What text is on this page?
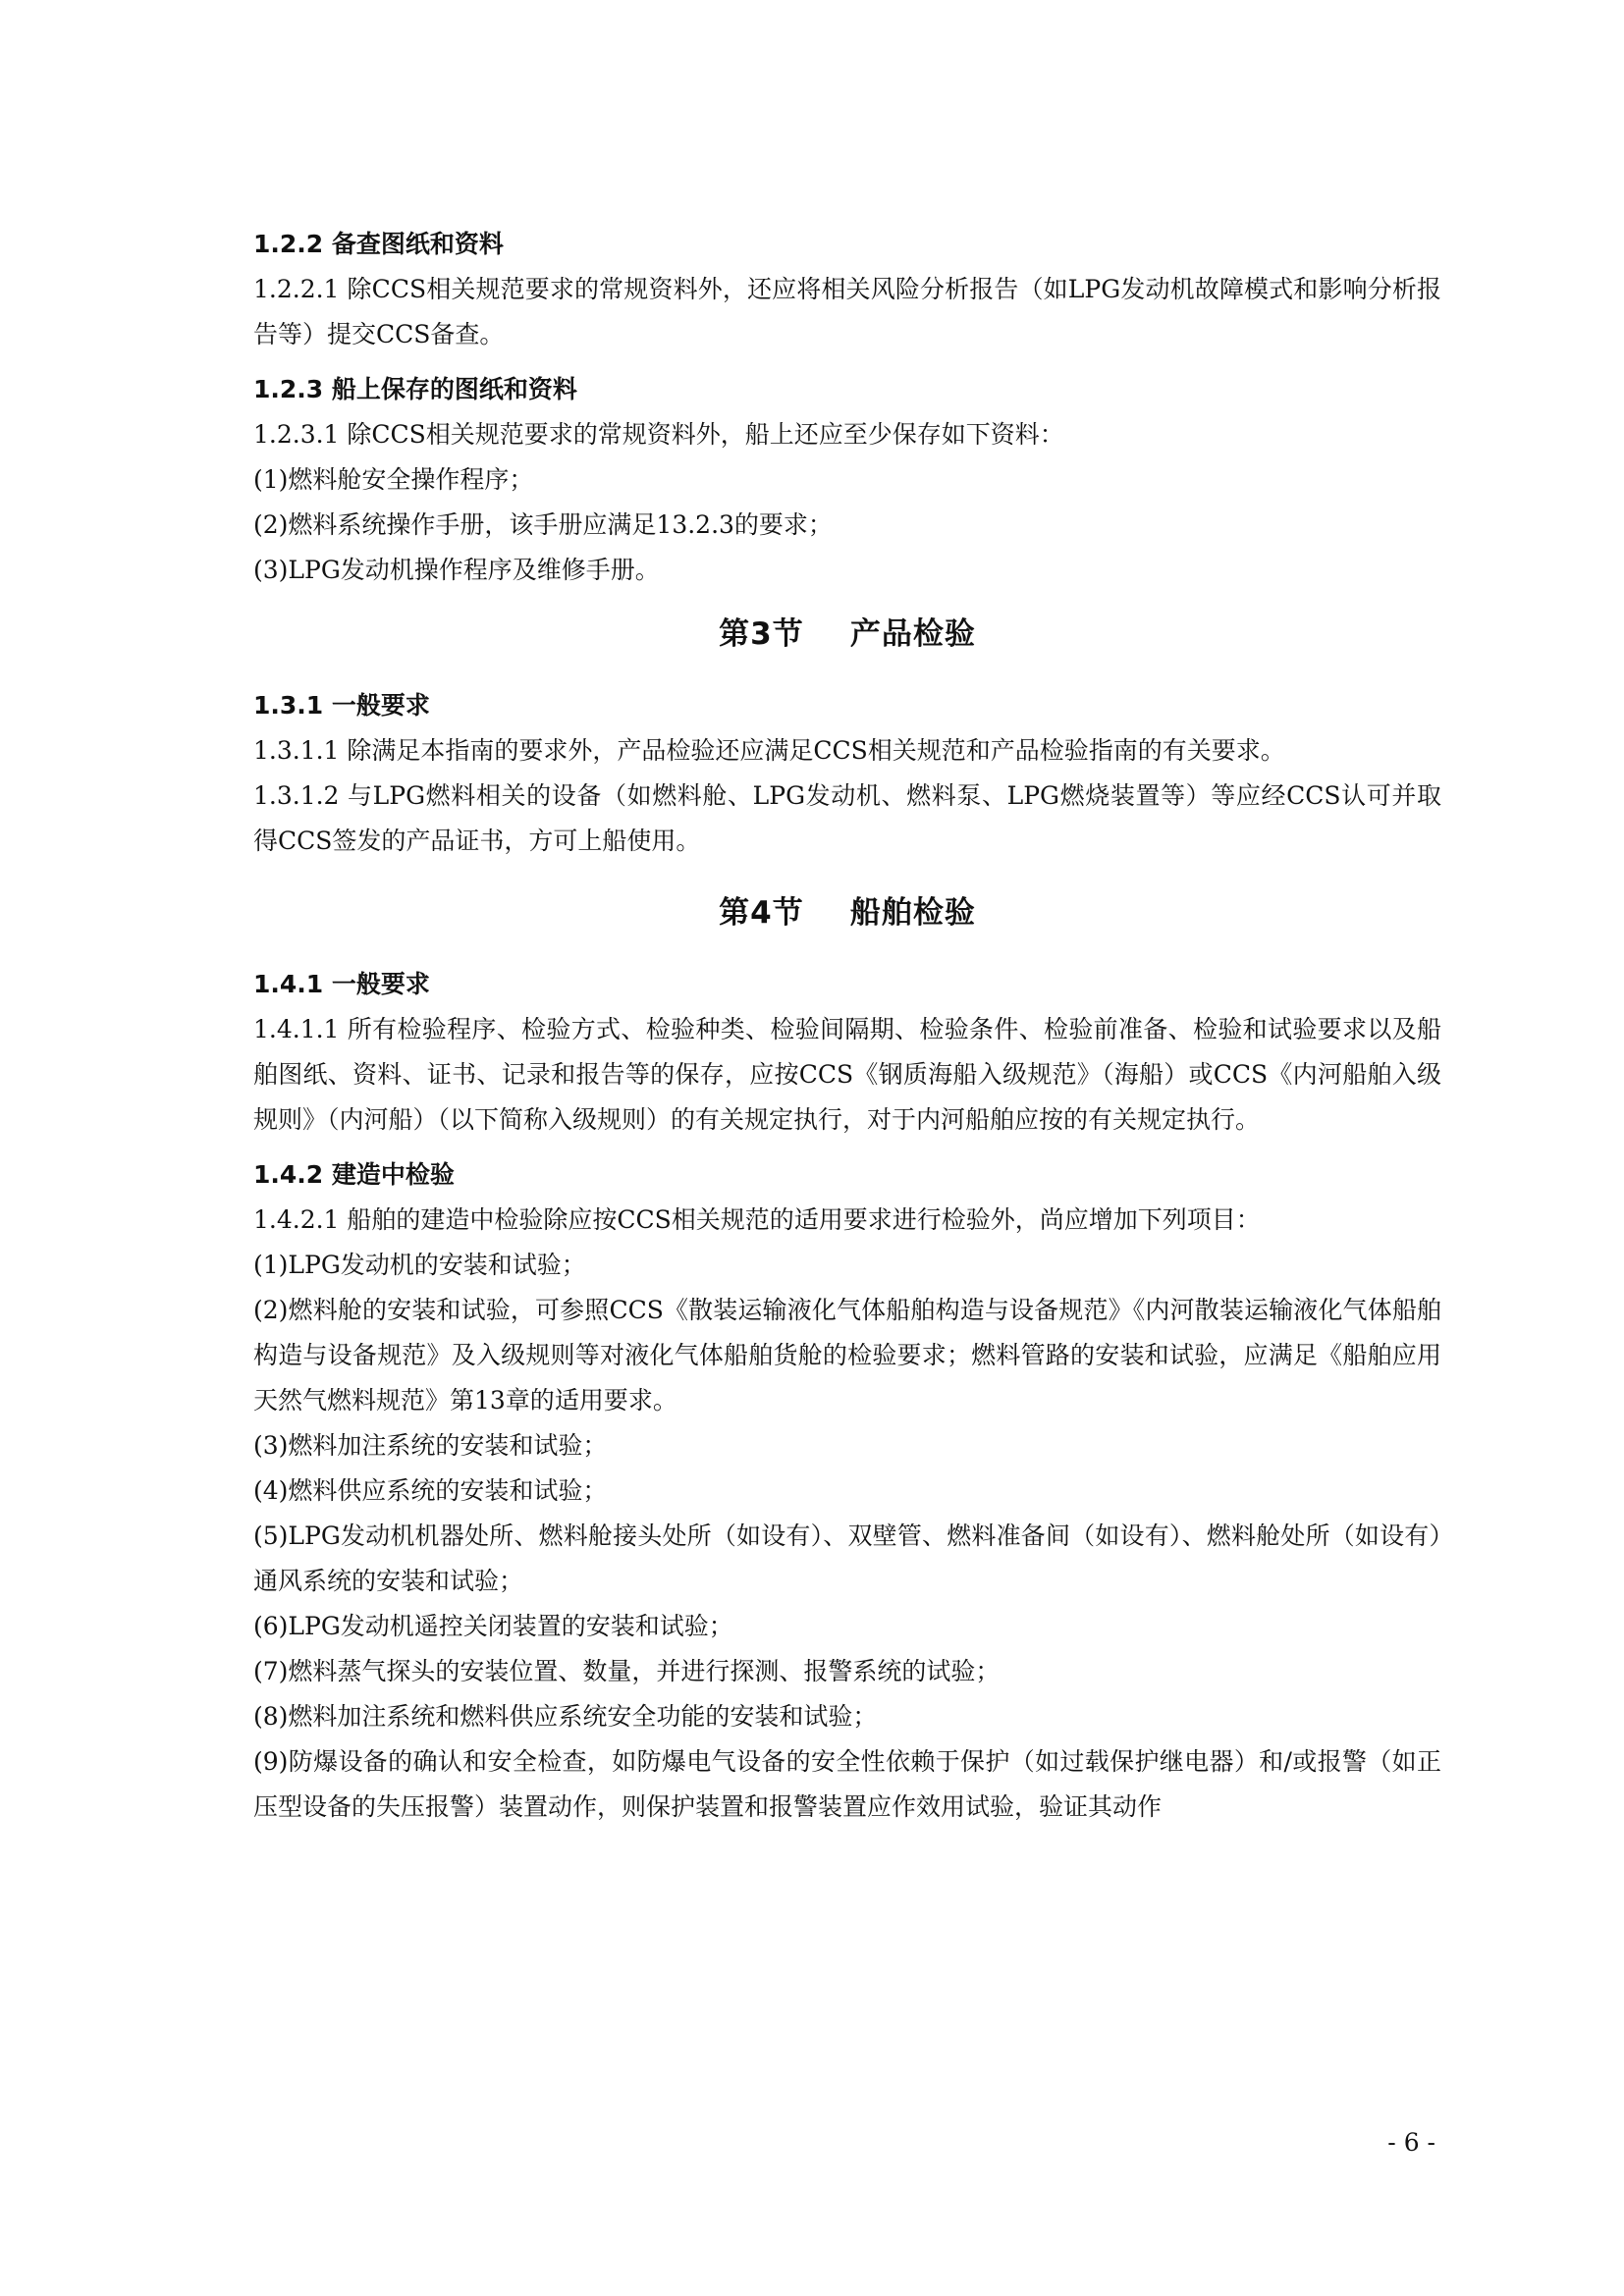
1.2.2 备查图纸和资料

1.2.2.1 除CCS相关规范要求的常规资料外，还应将相关风险分析报告（如LPG发动机故障模式和影响分析报告等）提交CCS备查。

1.2.3 船上保存的图纸和资料

1.2.3.1 除CCS相关规范要求的常规资料外，船上还应至少保存如下资料：

(1)燃料舱安全操作程序；

(2)燃料系统操作手册，该手册应满足13.2.3的要求；

(3)LPG发动机操作程序及维修手册。

第3节    产品检验

1.3.1 一般要求

1.3.1.1 除满足本指南的要求外，产品检验还应满足CCS相关规范和产品检验指南的有关要求。

1.3.1.2 与LPG燃料相关的设备（如燃料舱、LPG发动机、燃料泵、LPG燃烧装置等）等应经CCS认可并取得CCS签发的产品证书，方可上船使用。

第4节    船舶检验

1.4.1 一般要求

1.4.1.1 所有检验程序、检验方式、检验种类、检验间隔期、检验条件、检验前准备、检验和试验要求以及船舶图纸、资料、证书、记录和报告等的保存，应按CCS《钢质海船入级规范》（海船）或CCS《内河船舶入级规则》（内河船）（以下简称入级规则）的有关规定执行，对于内河船舶应按的有关规定执行。

1.4.2 建造中检验

1.4.2.1 船舶的建造中检验除应按CCS相关规范的适用要求进行检验外，尚应增加下列项目：

(1)LPG发动机的安装和试验；

(2)燃料舱的安装和试验，可参照CCS《散装运输液化气体船舶构造与设备规范》《内河散装运输液化气体船舶构造与设备规范》及入级规则等对液化气体船舶货舱的检验要求；燃料管路的安装和试验，应满足《船舶应用天然气燃料规范》第13章的适用要求。

(3)燃料加注系统的安装和试验；

(4)燃料供应系统的安装和试验；

(5)LPG发动机机器处所、燃料舱接头处所（如设有）、双壁管、燃料准备间（如设有）、燃料舱处所（如设有）通风系统的安装和试验；

(6)LPG发动机遥控关闭装置的安装和试验；

(7)燃料蒸气探头的安装位置、数量，并进行探测、报警系统的试验；

(8)燃料加注系统和燃料供应系统安全功能的安装和试验；

(9)防爆设备的确认和安全检查，如防爆电气设备的安全性依赖于保护（如过载保护继电器）和/或报警（如正压型设备的失压报警）装置动作，则保护装置和报警装置应作效用试验，验证其动作

- 6 -
